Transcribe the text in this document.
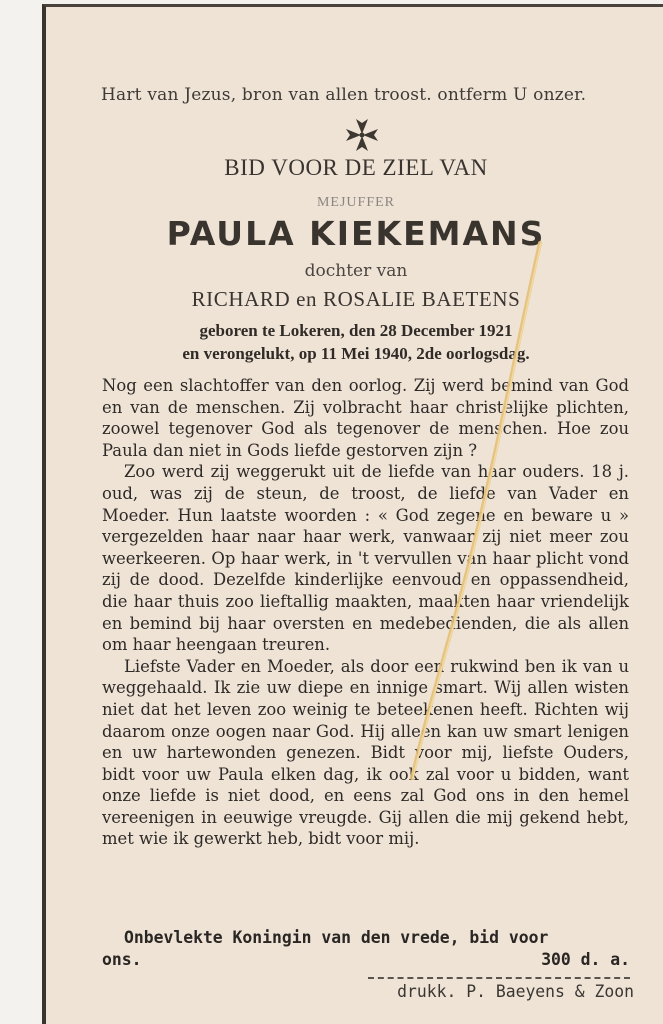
Hart van Jezus, bron van allen troost. ontferm U onzer.
BID VOOR DE ZIEL VAN
MEJUFFER
PAULA KIEKEMANS
dochter van
RICHARD en ROSALIE BAETENS
geboren te Lokeren, den 28 December 1921
en verongelukt, op 11 Mei 1940, 2de oorlogsdag.

Nog een slachtoffer van den oorlog. Zij werd bemind van God en van de menschen. Zij volbracht haar christelijke plichten, zoowel tegenover God als tegenover de menschen. Hoe zou Paula dan niet in Gods liefde gestorven zijn ?

Zoo werd zij weggerukt uit de liefde van haar ouders. 18 j. oud, was zij de steun, de troost, de liefde van Vader en Moeder. Hun laatste woorden : « God zegene en beware u » vergezelden haar naar haar werk, vanwaar zij niet meer zou weerkeeren. Op haar werk, in 't vervullen van haar plicht vond zij de dood. Dezelfde kinderlijke eenvoud en oppassendheid, die haar thuis zoo lieftallig maakten, maakten haar vriendelijk en bemind bij haar oversten en medebedienden, die als allen om haar heengaan treuren.

Liefste Vader en Moeder, als door een rukwind ben ik van u weggehaald. Ik zie uw diepe en innige smart. Wij allen wisten niet dat het leven zoo weinig te beteekenen heeft. Richten wij daarom onze oogen naar God. Hij alleen kan uw smart lenigen en uw hartewonden genezen. Bidt voor mij, liefste Ouders, bidt voor uw Paula elken dag, ik ook zal voor u bidden, want onze liefde is niet dood, en eens zal God ons in den hemel vereenigen in eeuwige vreugde. Gij allen die mij gekend hebt, met wie ik gewerkt heb, bidt voor mij.

Onbevlekte Koningin van den vrede, bid voor
ons.	300 d. a.
drukk. P. Baeyens & Zoon
